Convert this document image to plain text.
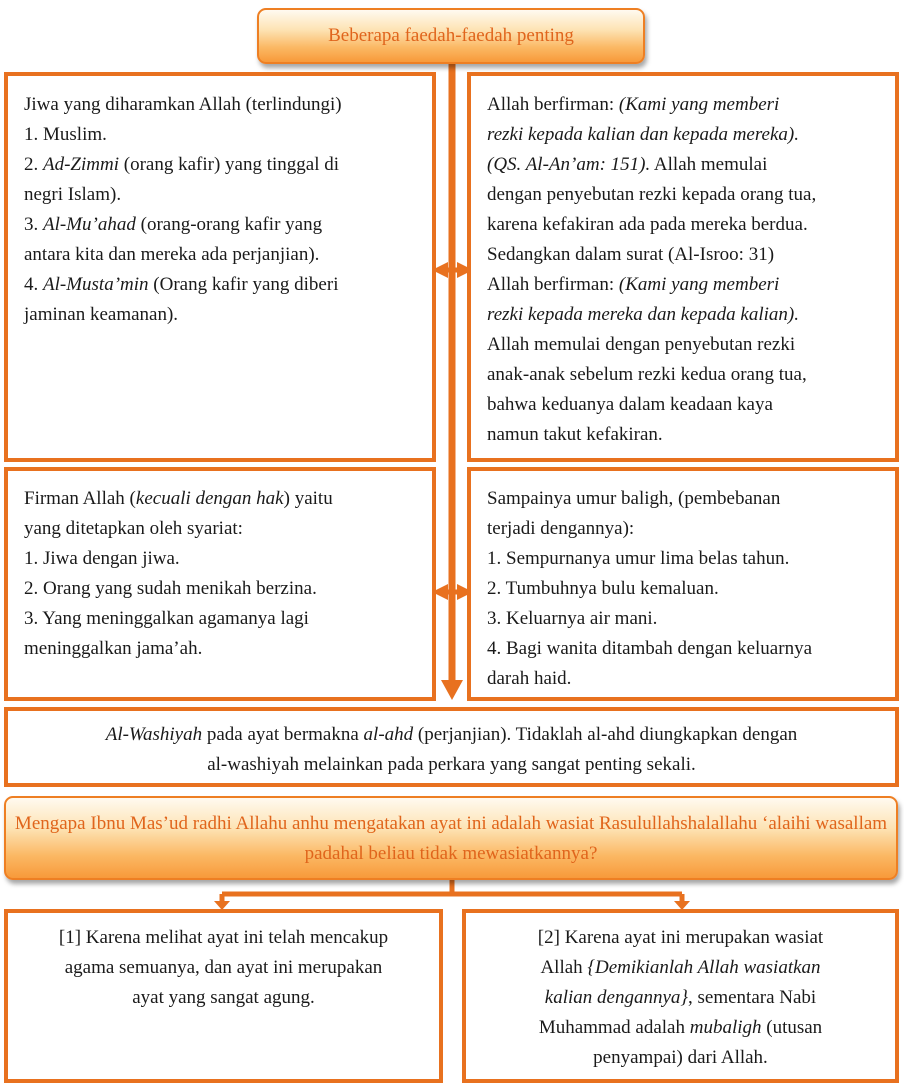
Beberapa faedah-faedah penting
Jiwa yang diharamkan Allah (terlindungi)
1. Muslim.
2. Ad-Zimmi (orang kafir) yang tinggal di
negri Islam).
3. Al-Mu’ahad (orang-orang kafir yang
antara kita dan mereka ada perjanjian).
4. Al-Musta’min (Orang kafir yang diberi
jaminan keamanan).
Allah berfirman: (Kami yang memberi
rezki kepada kalian dan kepada mereka).
(QS. Al-An’am: 151). Allah memulai
dengan penyebutan rezki kepada orang tua,
karena kefakiran ada pada mereka berdua.
Sedangkan dalam surat (Al-Isroo: 31)
Allah berfirman: (Kami yang memberi
rezki kepada mereka dan kepada kalian).
Allah memulai dengan penyebutan rezki
anak-anak sebelum rezki kedua orang tua,
bahwa keduanya dalam keadaan kaya
namun takut kefakiran.
Firman Allah (kecuali dengan hak) yaitu
yang ditetapkan oleh syariat:
1. Jiwa dengan jiwa.
2. Orang yang sudah menikah berzina.
3. Yang meninggalkan agamanya lagi
meninggalkan jama’ah.
Sampainya umur baligh, (pembebanan
terjadi dengannya):
1. Sempurnanya umur lima belas tahun.
2. Tumbuhnya bulu kemaluan.
3. Keluarnya air mani.
4. Bagi wanita ditambah dengan keluarnya
darah haid.
Al-Washiyah pada ayat bermakna al-ahd (perjanjian). Tidaklah al-ahd diungkapkan dengan
al-washiyah melainkan pada perkara yang sangat penting sekali.
Mengapa Ibnu Mas’ud radhi Allahu anhu mengatakan ayat ini adalah wasiat Rasulullahshalallahu ‘alaihi wasallam padahal beliau tidak mewasiatkannya?
[1] Karena melihat ayat ini telah mencakup
agama semuanya, dan ayat ini merupakan
ayat yang sangat agung.
[2] Karena ayat ini merupakan wasiat
Allah {Demikianlah Allah wasiatkan
kalian dengannya}, sementara Nabi
Muhammad adalah mubaligh (utusan
penyampai) dari Allah.
